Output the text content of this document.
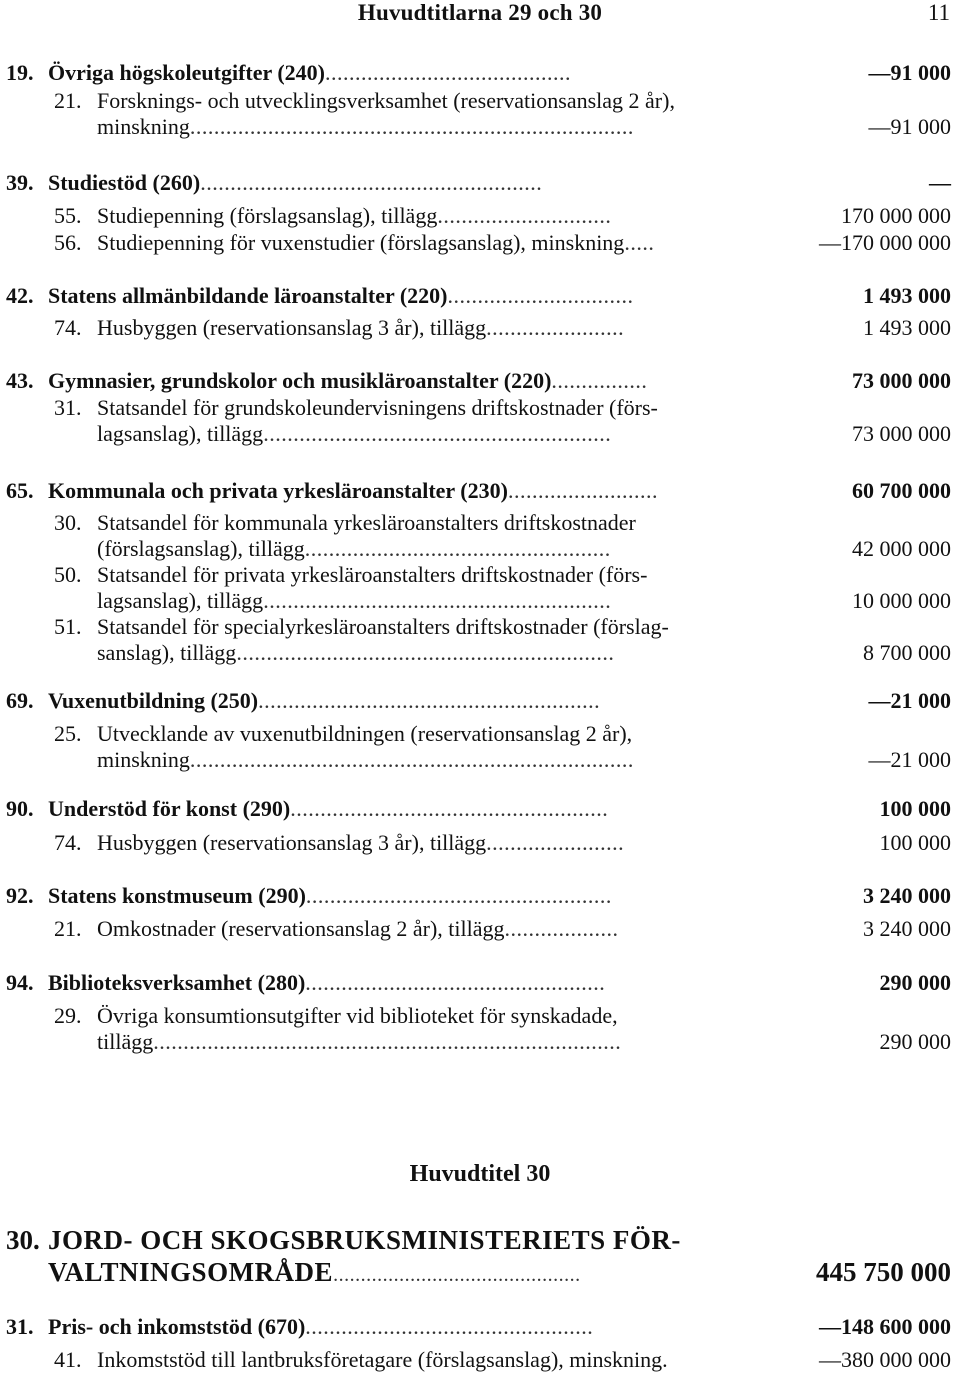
Huvudtitlarna 29 och 30	11
19. Övriga högskoleutgifter (240).........................................	—91 000
21. Forsknings- och utvecklingsverksamhet (reservationsanslag 2 år),
minskning..........................................................................	—91 000
39. Studiestöd (260).........................................................	—
55. Studiepenning (förslagsanslag), tillägg.............................	170 000 000
56. Studiepenning för vuxenstudier (förslagsanslag), minskning.....	—170 000 000
42. Statens allmänbildande läroanstalter (220)...............................	1 493 000
74. Husbyggen (reservationsanslag 3 år), tillägg.......................	1 493 000
43. Gymnasier, grundskolor och musikläroanstalter (220)................	73 000 000
31. Statsandel för grundskoleundervisningens driftskostnader (förs-
lagsanslag), tillägg..........................................................	73 000 000
65. Kommunala och privata yrkesläroanstalter (230).........................	60 700 000
30. Statsandel för kommunala yrkesläroanstalters driftskostnader
(förslagsanslag), tillägg...................................................	42 000 000
50. Statsandel för privata yrkesläroanstalters driftskostnader (förs-
lagsanslag), tillägg..........................................................	10 000 000
51. Statsandel för specialyrkesläroanstalters driftskostnader (förslag-
sanslag), tillägg...............................................................	8 700 000
69. Vuxenutbildning (250).........................................................	—21 000
25. Utvecklande av vuxenutbildningen (reservationsanslag 2 år),
minskning..........................................................................	—21 000
90. Understöd för konst (290).....................................................	100 000
74. Husbyggen (reservationsanslag 3 år), tillägg.......................	100 000
92. Statens konstmuseum (290)...................................................	3 240 000
21. Omkostnader (reservationsanslag 2 år), tillägg...................	3 240 000
94. Biblioteksverksamhet (280)..................................................	290 000
29. Övriga konsumtionsutgifter vid biblioteket för synskadade,
tillägg..............................................................................	290 000
Huvudtitel 30
30. JORD- OCH SKOGSBRUKSMINISTERIETS FÖR-
VALTNINGSOMRÅDE.............................................	445 750 000
31. Pris- och inkomststöd (670)................................................	—148 600 000
41. Inkomststöd till lantbruksföretagare (förslagsanslag), minskning.	—380 000 000
